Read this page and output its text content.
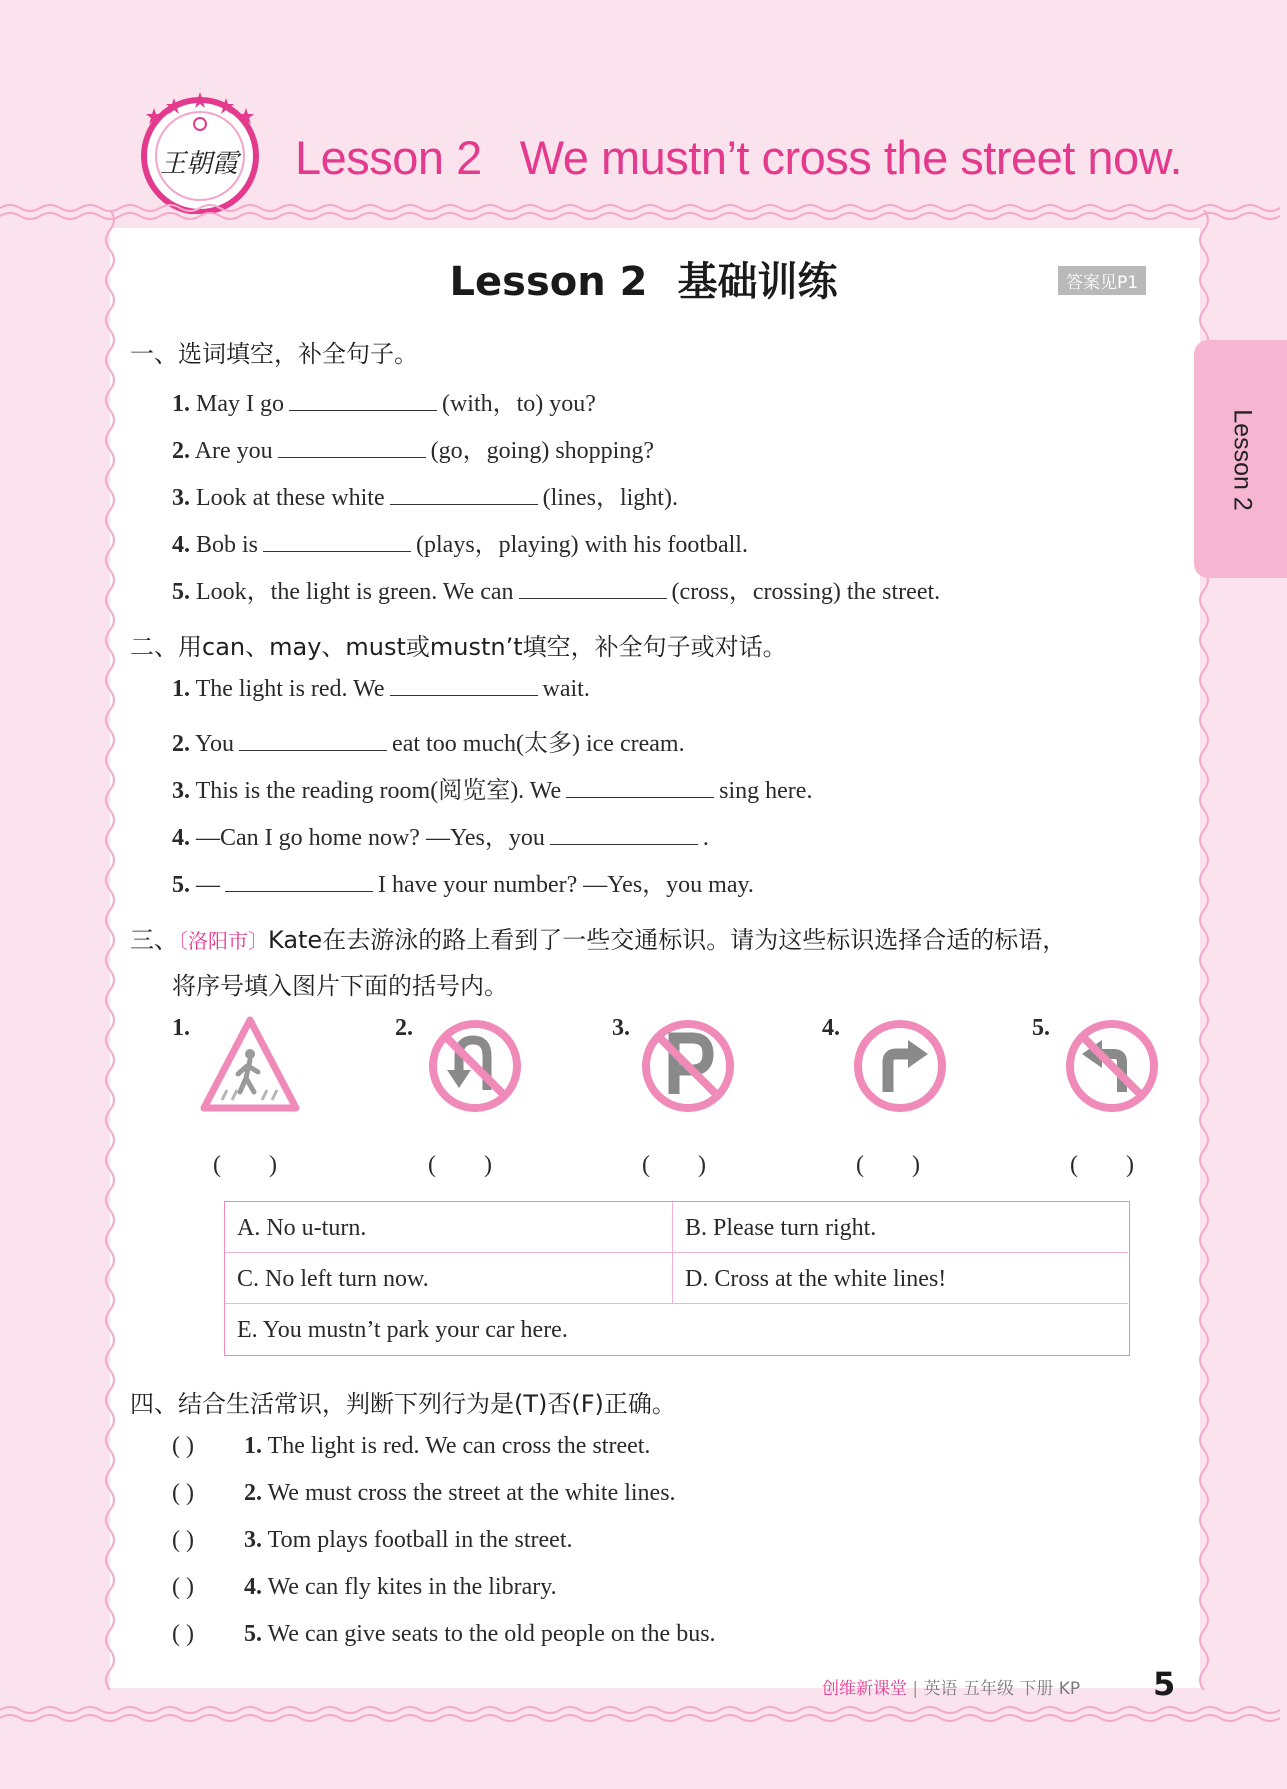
王朝霞 Lesson 2 We mustn’t cross the street now.
Lesson 2
Lesson 2 基础训练	答案见P1
一、选词填空，补全句子。
1. May I go	(with，to) you?
2. Are you	(go，going) shopping?
3. Look at these white	(lines，light).
4. Bob is	(plays，playing) with his football.
5. Look，the light is green. We can	(cross，crossing) the street.
二、用can、may、must或mustn’t填空，补全句子或对话。
1. The light is red. We	wait.
2. You	eat too much(太多) ice cream.
3. This is the reading room(阅览室). We	sing here.
4. —Can I go home now? —Yes，you	.
5. —	I have your number? —Yes，you may.
三、〔洛阳市〕Kate在去游泳的路上看到了一些交通标识。请为这些标识选择合适的标语，
将序号填入图片下面的括号内。
1.	2.	3.	4.	5.
(        )	(        )	(        )	(        )	(        )
A. No u-turn.	B. Please turn right.
C. No left turn now.	D. Cross at the white lines!
E. You mustn’t park your car here.
四、结合生活常识，判断下列行为是(T)否(F)正确。
( ) 1. The light is red. We can cross the street.
( ) 2. We must cross the street at the white lines.
( ) 3. Tom plays football in the street.
( ) 4. We can fly kites in the library.
( ) 5. We can give seats to the old people on the bus.
创维新课堂 | 英语 五年级 下册 KP 5
